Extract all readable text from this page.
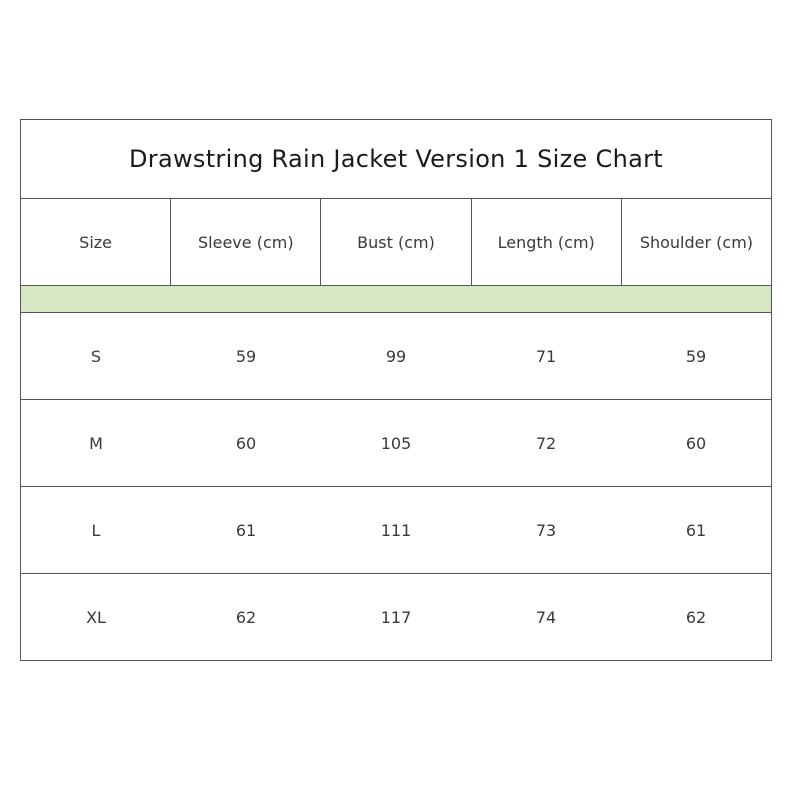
Drawstring Rain Jacket Version 1 Size Chart
Size	Sleeve (cm)	Bust (cm)	Length (cm)	Shoulder (cm)
S	59	99	71	59
M	60	105	72	60
L	61	111	73	61
XL	62	117	74	62
